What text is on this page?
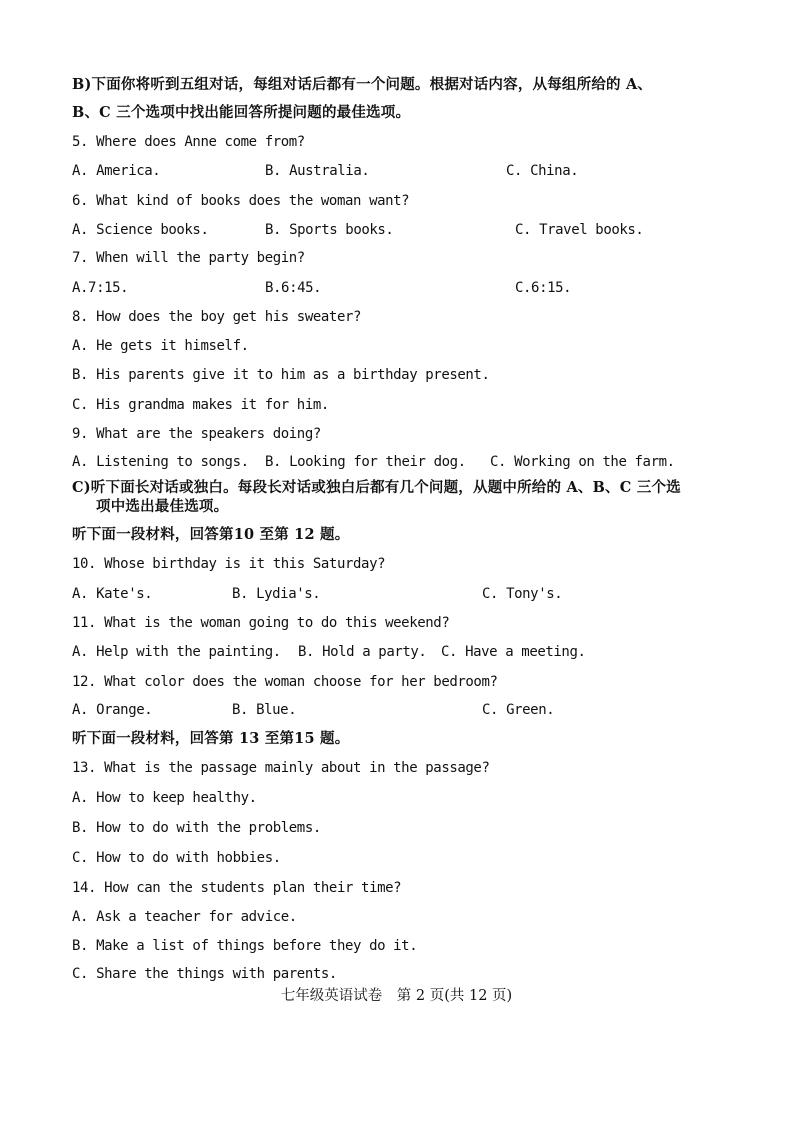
B)下面你将听到五组对话，每组对话后都有一个问题。根据对话内容，从每组所给的 A、
B、C 三个选项中找出能回答所提问题的最佳选项。
5. Where does Anne come from?
A. America.	B. Australia.	C. China.
6. What kind of books does the woman want?
A. Science books.	B. Sports books.	C. Travel books.
7. When will the party begin?
A.7:15.	B.6:45.	C.6:15.
8. How does the boy get his sweater?
A. He gets it himself.
B. His parents give it to him as a birthday present.
C. His grandma makes it for him.
9. What are the speakers doing?
A. Listening to songs. B. Looking for their dog. C. Working on the farm.
C)听下面长对话或独白。每段长对话或独白后都有几个问题，从题中所给的 A、B、C 三个选
项中选出最佳选项。
听下面一段材料，回答第10 至第 12 题。
10. Whose birthday is it this Saturday?
A. Kate's.	B. Lydia's.	C. Tony's.
11. What is the woman going to do this weekend?
A. Help with the painting. B. Hold a party. C. Have a meeting.
12. What color does the woman choose for her bedroom?
A. Orange.	B. Blue.	C. Green.
听下面一段材料，回答第 13 至第15 题。
13. What is the passage mainly about in the passage?
A. How to keep healthy.
B. How to do with the problems.
C. How to do with hobbies.
14. How can the students plan their time?
A. Ask a teacher for advice.
B. Make a list of things before they do it.
C. Share the things with parents.
七年级英语试卷　第 2 页(共 12 页)
